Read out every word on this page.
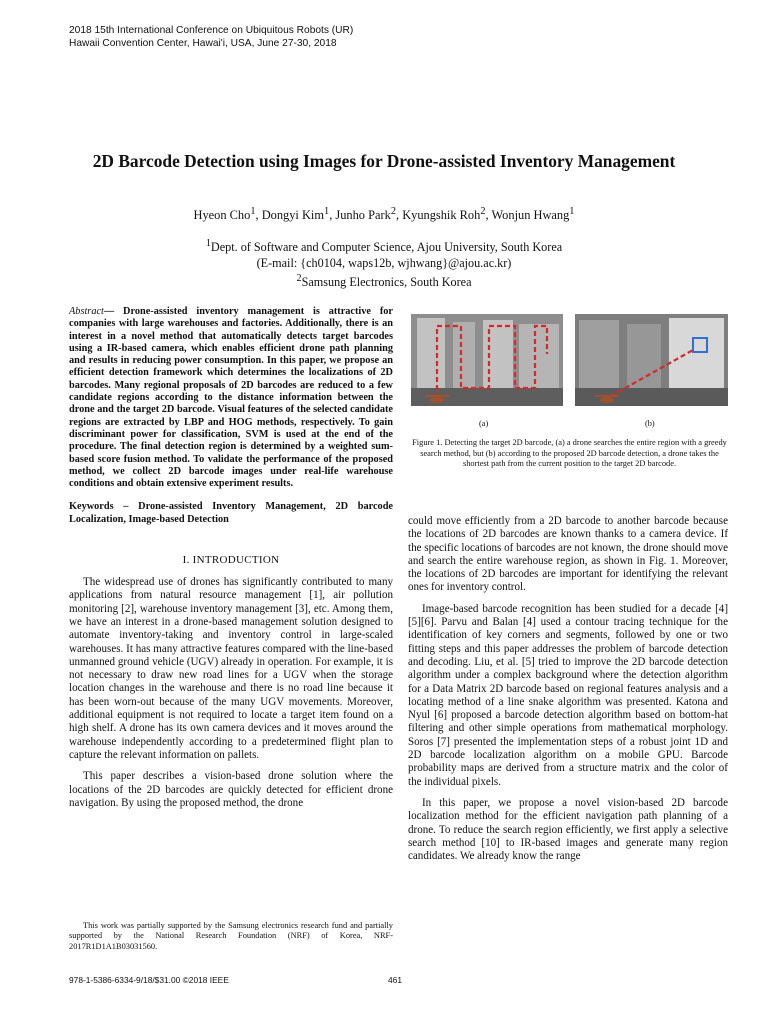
2018 15th International Conference on Ubiquitous Robots (UR)
Hawaii Convention Center, Hawai'i, USA, June 27-30, 2018
2D Barcode Detection using Images for Drone-assisted Inventory Management
Hyeon Cho$^1$, Dongyi Kim$^1$, Junho Park$^2$, Kyungshik Roh$^2$, Wonjun Hwang$^1$
$^1$Dept. of Software and Computer Science, Ajou University, South Korea
(E-mail: {ch0104, waps12b, wjhwang}@ajou.ac.kr)
$^2$Samsung Electronics, South Korea

Abstract— Drone-assisted inventory management is attractive for companies with large warehouses and factories. Additionally, there is an interest in a novel method that automatically detects target barcodes using a IR-based camera, which enables efficient drone path planning and results in reducing power consumption. In this paper, we propose an efficient detection framework which determines the localizations of 2D barcodes. Many regional proposals of 2D barcodes are reduced to a few candidate regions according to the distance information between the drone and the target 2D barcode. Visual features of the selected candidate regions are extracted by LBP and HOG methods, respectively. To gain discriminant power for classification, SVM is used at the end of the procedure. The final detection region is determined by a weighted sum-based score fusion method. To validate the performance of the proposed method, we collect 2D barcode images under real-life warehouse conditions and obtain extensive experiment results.

Keywords – Drone-assisted Inventory Management, 2D barcode Localization, Image-based Detection

I. INTRODUCTION

The widespread use of drones has significantly contributed to many applications from natural resource management [1], air pollution monitoring [2], warehouse inventory management [3], etc. Among them, we have an interest in a drone-based management solution designed to automate inventory-taking and inventory control in large-scaled warehouses. It has many attractive features compared with the line-based unmanned ground vehicle (UGV) already in operation. For example, it is not necessary to draw new road lines for a UGV when the storage location changes in the warehouse and there is no road line because it has been worn-out because of the many UGV movements. Moreover, additional equipment is not required to locate a target item found on a high shelf. A drone has its own camera devices and it moves around the warehouse independently according to a predetermined flight plan to capture the relevant information on pallets.

This paper describes a vision-based drone solution where the locations of the 2D barcodes are quickly detected for efficient drone navigation. By using the proposed method, the drone

This work was partially supported by the Samsung electronics research fund and partially supported by the National Research Foundation (NRF) of Korea, NRF-2017R1D1A1B03031560.
978-1-5386-6334-9/18/$31.00 ©2018 IEEE	461
(a)	(b)
Figure 1. Detecting the target 2D barcode, (a) a drone searches the entire region with a greedy search method, but (b) according to the proposed 2D barcode detection, a drone takes the shortest path from the current position to the target 2D barcode.

could move efficiently from a 2D barcode to another barcode because the locations of 2D barcodes are known thanks to a camera device. If the specific locations of barcodes are not known, the drone should move and search the entire warehouse region, as shown in Fig. 1. Moreover, the locations of 2D barcodes are important for identifying the relevant ones for inventory control.

Image-based barcode recognition has been studied for a decade [4][5][6]. Parvu and Balan [4] used a contour tracing technique for the identification of key corners and segments, followed by one or two fitting steps and this paper addresses the problem of barcode detection and decoding. Liu, et al. [5] tried to improve the 2D barcode detection algorithm under a complex background where the detection algorithm for a Data Matrix 2D barcode based on regional features analysis and a locating method of a line snake algorithm was presented. Katona and Nyul [6] proposed a barcode detection algorithm based on bottom-hat filtering and other simple operations from mathematical morphology. Soros [7] presented the implementation steps of a robust joint 1D and 2D barcode localization algorithm on a mobile GPU. Barcode probability maps are derived from a structure matrix and the color of the individual pixels.

In this paper, we propose a novel vision-based 2D barcode localization method for the efficient navigation path planning of a drone. To reduce the search region efficiently, we first apply a selective search method [10] to IR-based images and generate many region candidates. We already know the range
